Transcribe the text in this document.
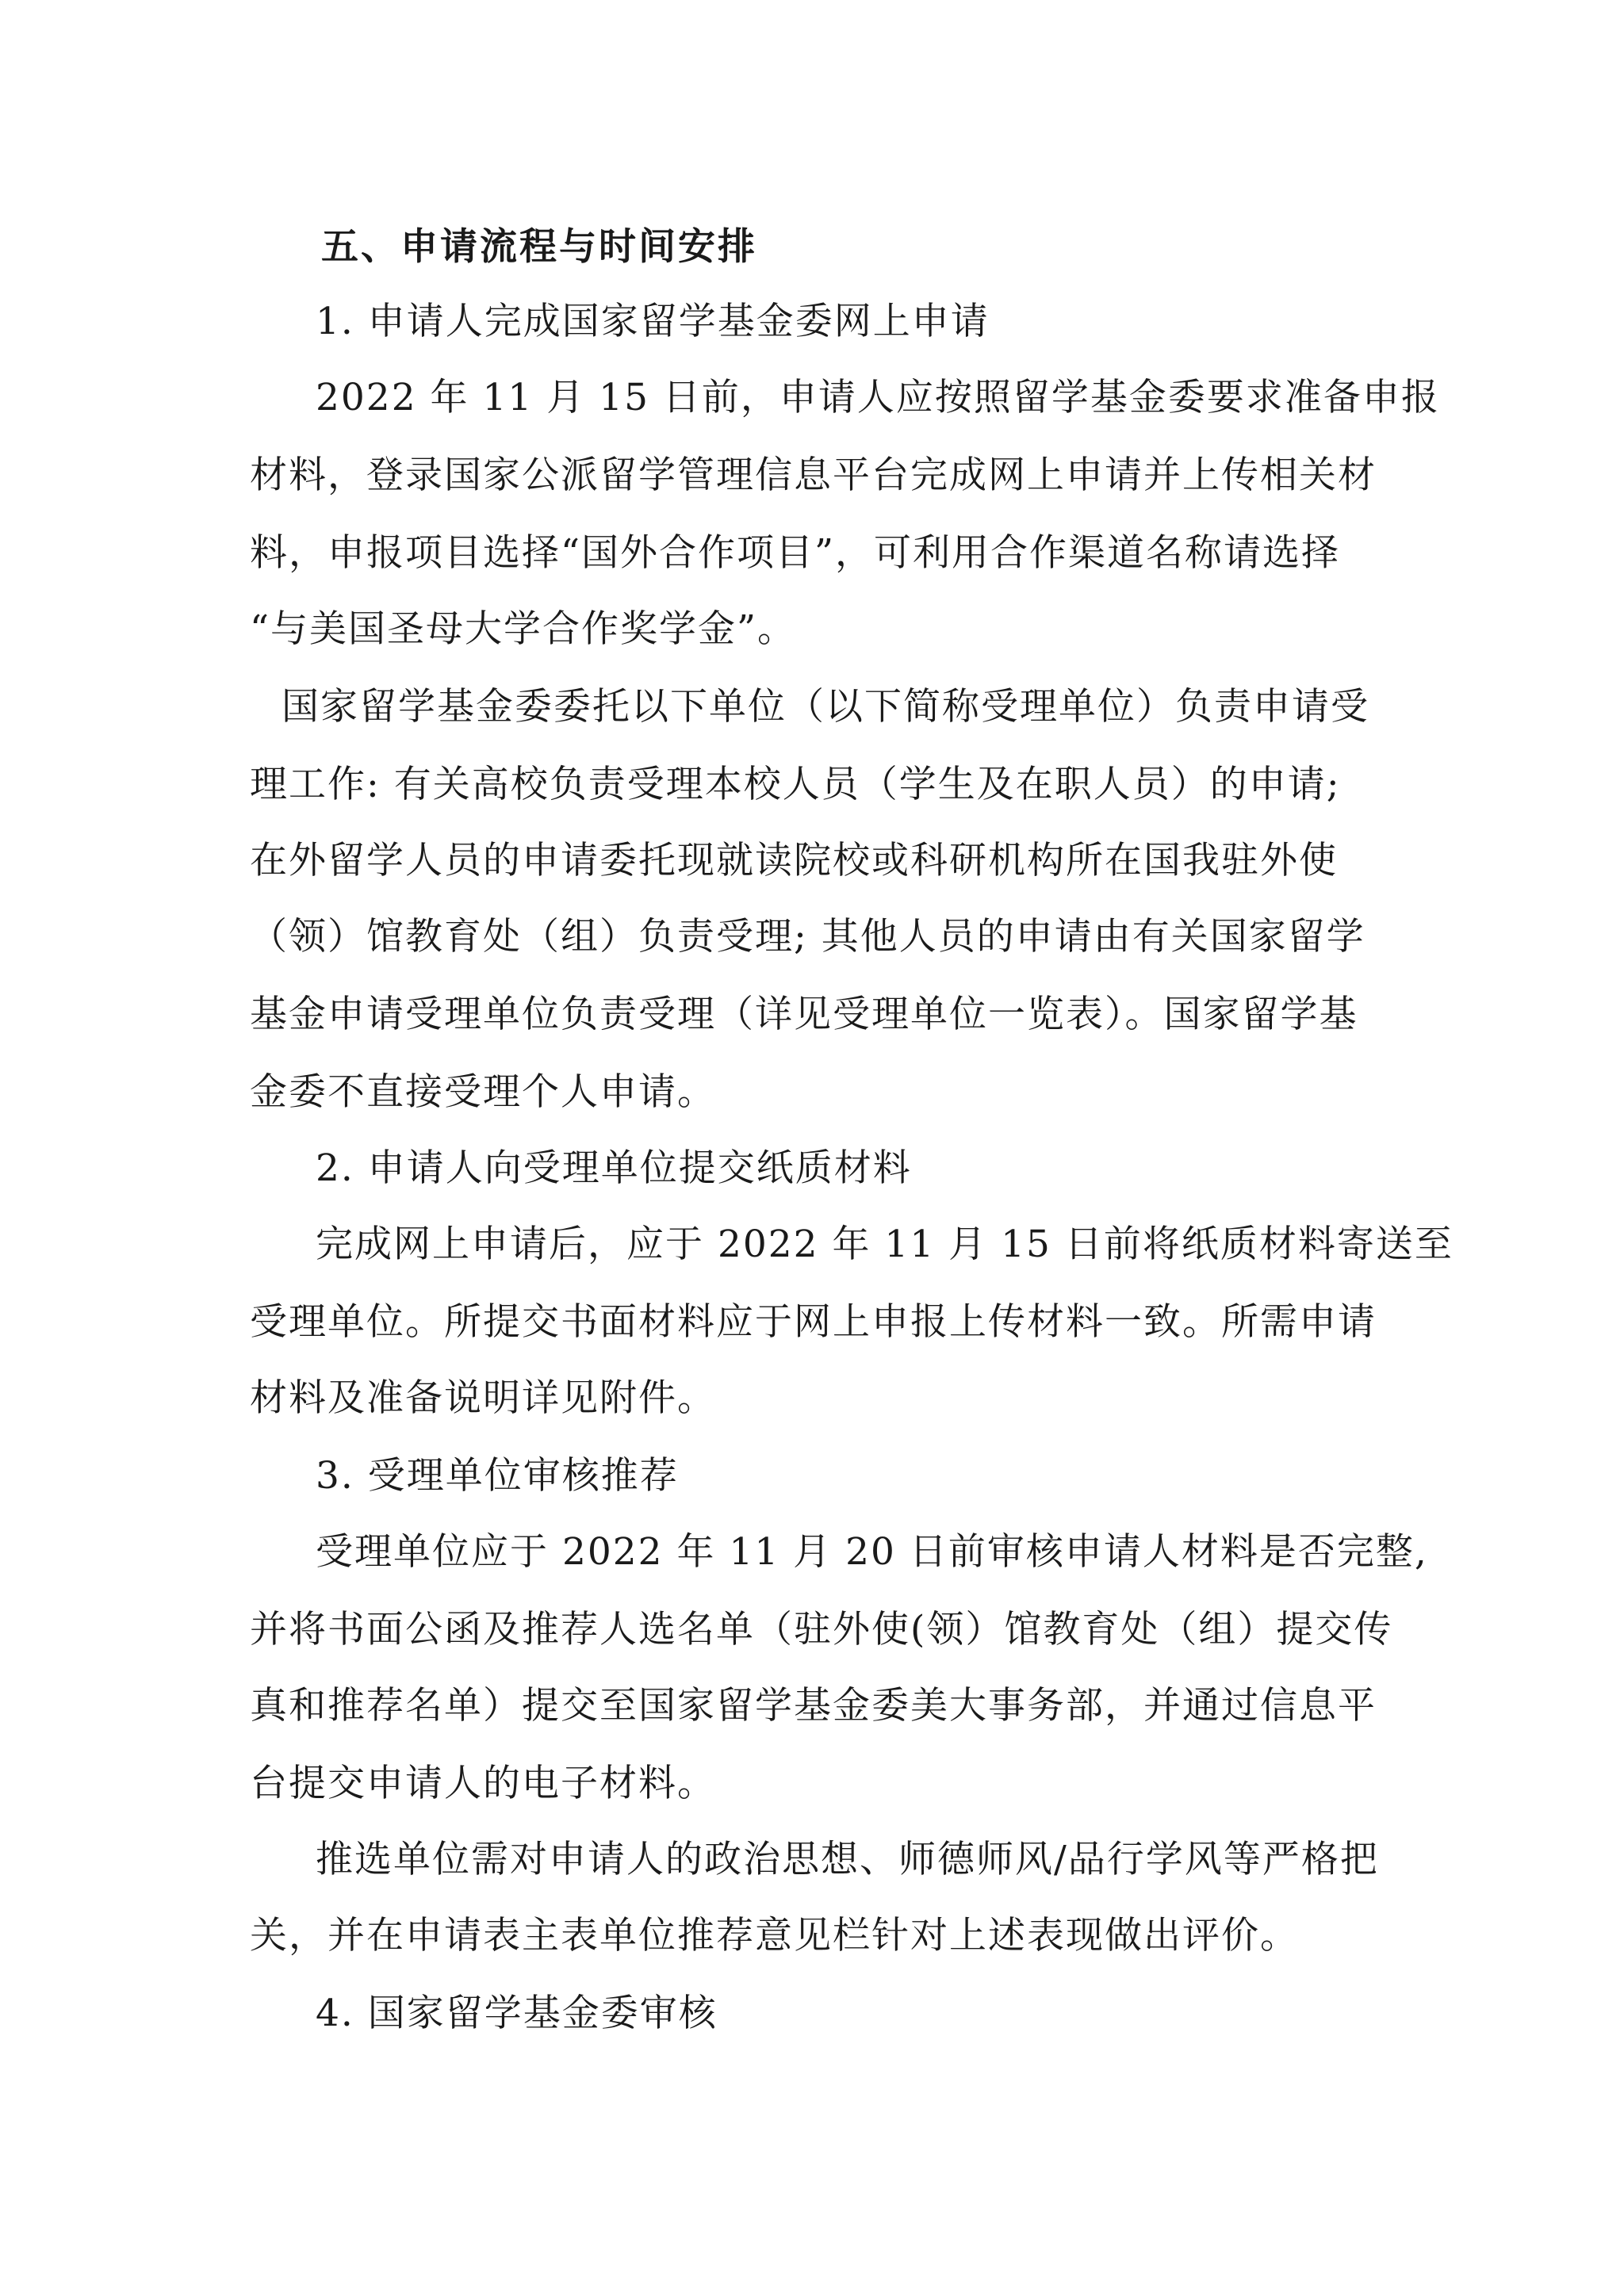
五、申请流程与时间安排

1. 申请人完成国家留学基金委网上申请

2022 年 11 月 15 日前，申请人应按照留学基金委要求准备申报

材料，登录国家公派留学管理信息平台完成网上申请并上传相关材

料，申报项目选择“国外合作项目”，可利用合作渠道名称请选择

“与美国圣母大学合作奖学金”。

国家留学基金委委托以下单位（以下简称受理单位）负责申请受

理工作: 有关高校负责受理本校人员（学生及在职人员）的申请;

在外留学人员的申请委托现就读院校或科研机构所在国我驻外使

（领）馆教育处（组）负责受理; 其他人员的申请由有关国家留学

基金申请受理单位负责受理（详见受理单位一览表）。国家留学基

金委不直接受理个人申请。

2. 申请人向受理单位提交纸质材料

完成网上申请后，应于 2022 年 11 月 15 日前将纸质材料寄送至

受理单位。所提交书面材料应于网上申报上传材料一致。所需申请

材料及准备说明详见附件。

3. 受理单位审核推荐

受理单位应于 2022 年 11 月 20 日前审核申请人材料是否完整,

并将书面公函及推荐人选名单（驻外使(领）馆教育处（组）提交传

真和推荐名单）提交至国家留学基金委美大事务部，并通过信息平

台提交申请人的电子材料。

推选单位需对申请人的政治思想、师德师风/品行学风等严格把

关，并在申请表主表单位推荐意见栏针对上述表现做出评价。

4. 国家留学基金委审核
